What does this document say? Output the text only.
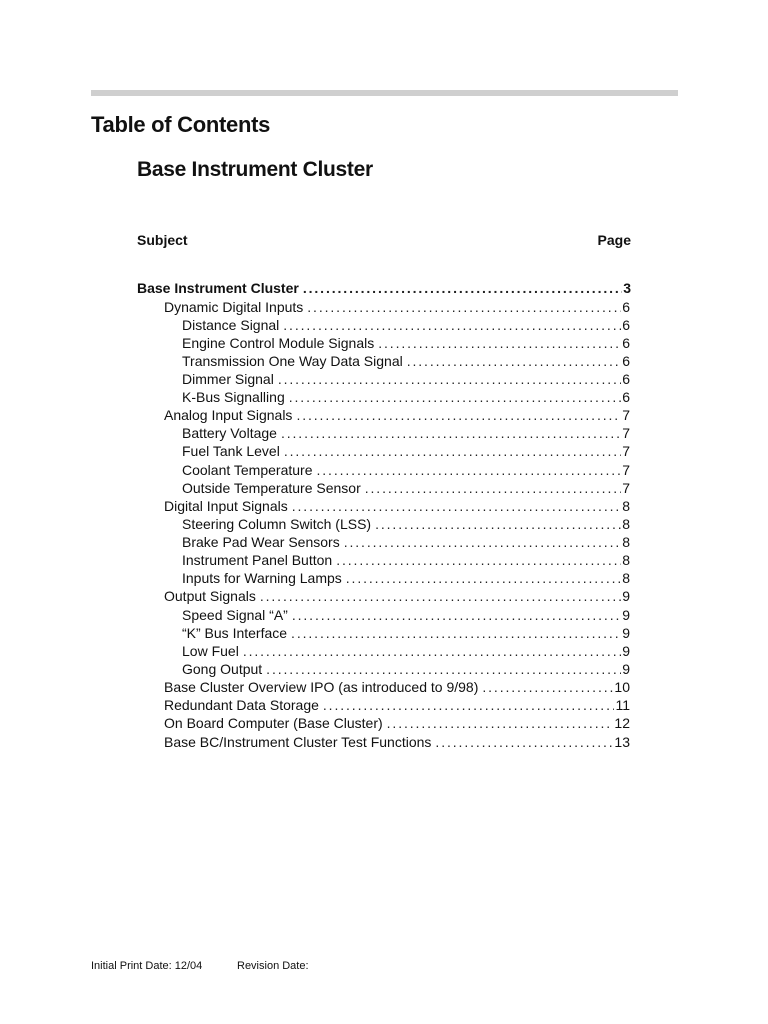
Table of Contents
Base Instrument Cluster
Subject	Page
Base Instrument Cluster . . .	3
Dynamic Digital Inputs . . .	6
Distance Signal . . .	6
Engine Control Module Signals . . .	6
Transmission One Way Data Signal . . .	6
Dimmer Signal . . .	6
K-Bus Signalling . . .	6
Analog Input Signals . . .	7
Battery Voltage . . .	7
Fuel Tank Level . . .	7
Coolant Temperature . . .	7
Outside Temperature Sensor . . .	7
Digital Input Signals . . .	8
Steering Column Switch (LSS) . . .	8
Brake Pad Wear Sensors . . .	8
Instrument Panel Button . . .	8
Inputs for Warning Lamps . . .	8
Output Signals . . .	9
Speed Signal “A” . . .	9
“K” Bus Interface . . .	9
Low Fuel . . .	9
Gong Output . . .	9
Base Cluster Overview IPO (as introduced to 9/98) . . .	10
Redundant Data Storage . . .	11
On Board Computer (Base Cluster) . . .	12
Base BC/Instrument Cluster Test Functions . . .	13
Initial Print Date: 12/04	Revision Date:
